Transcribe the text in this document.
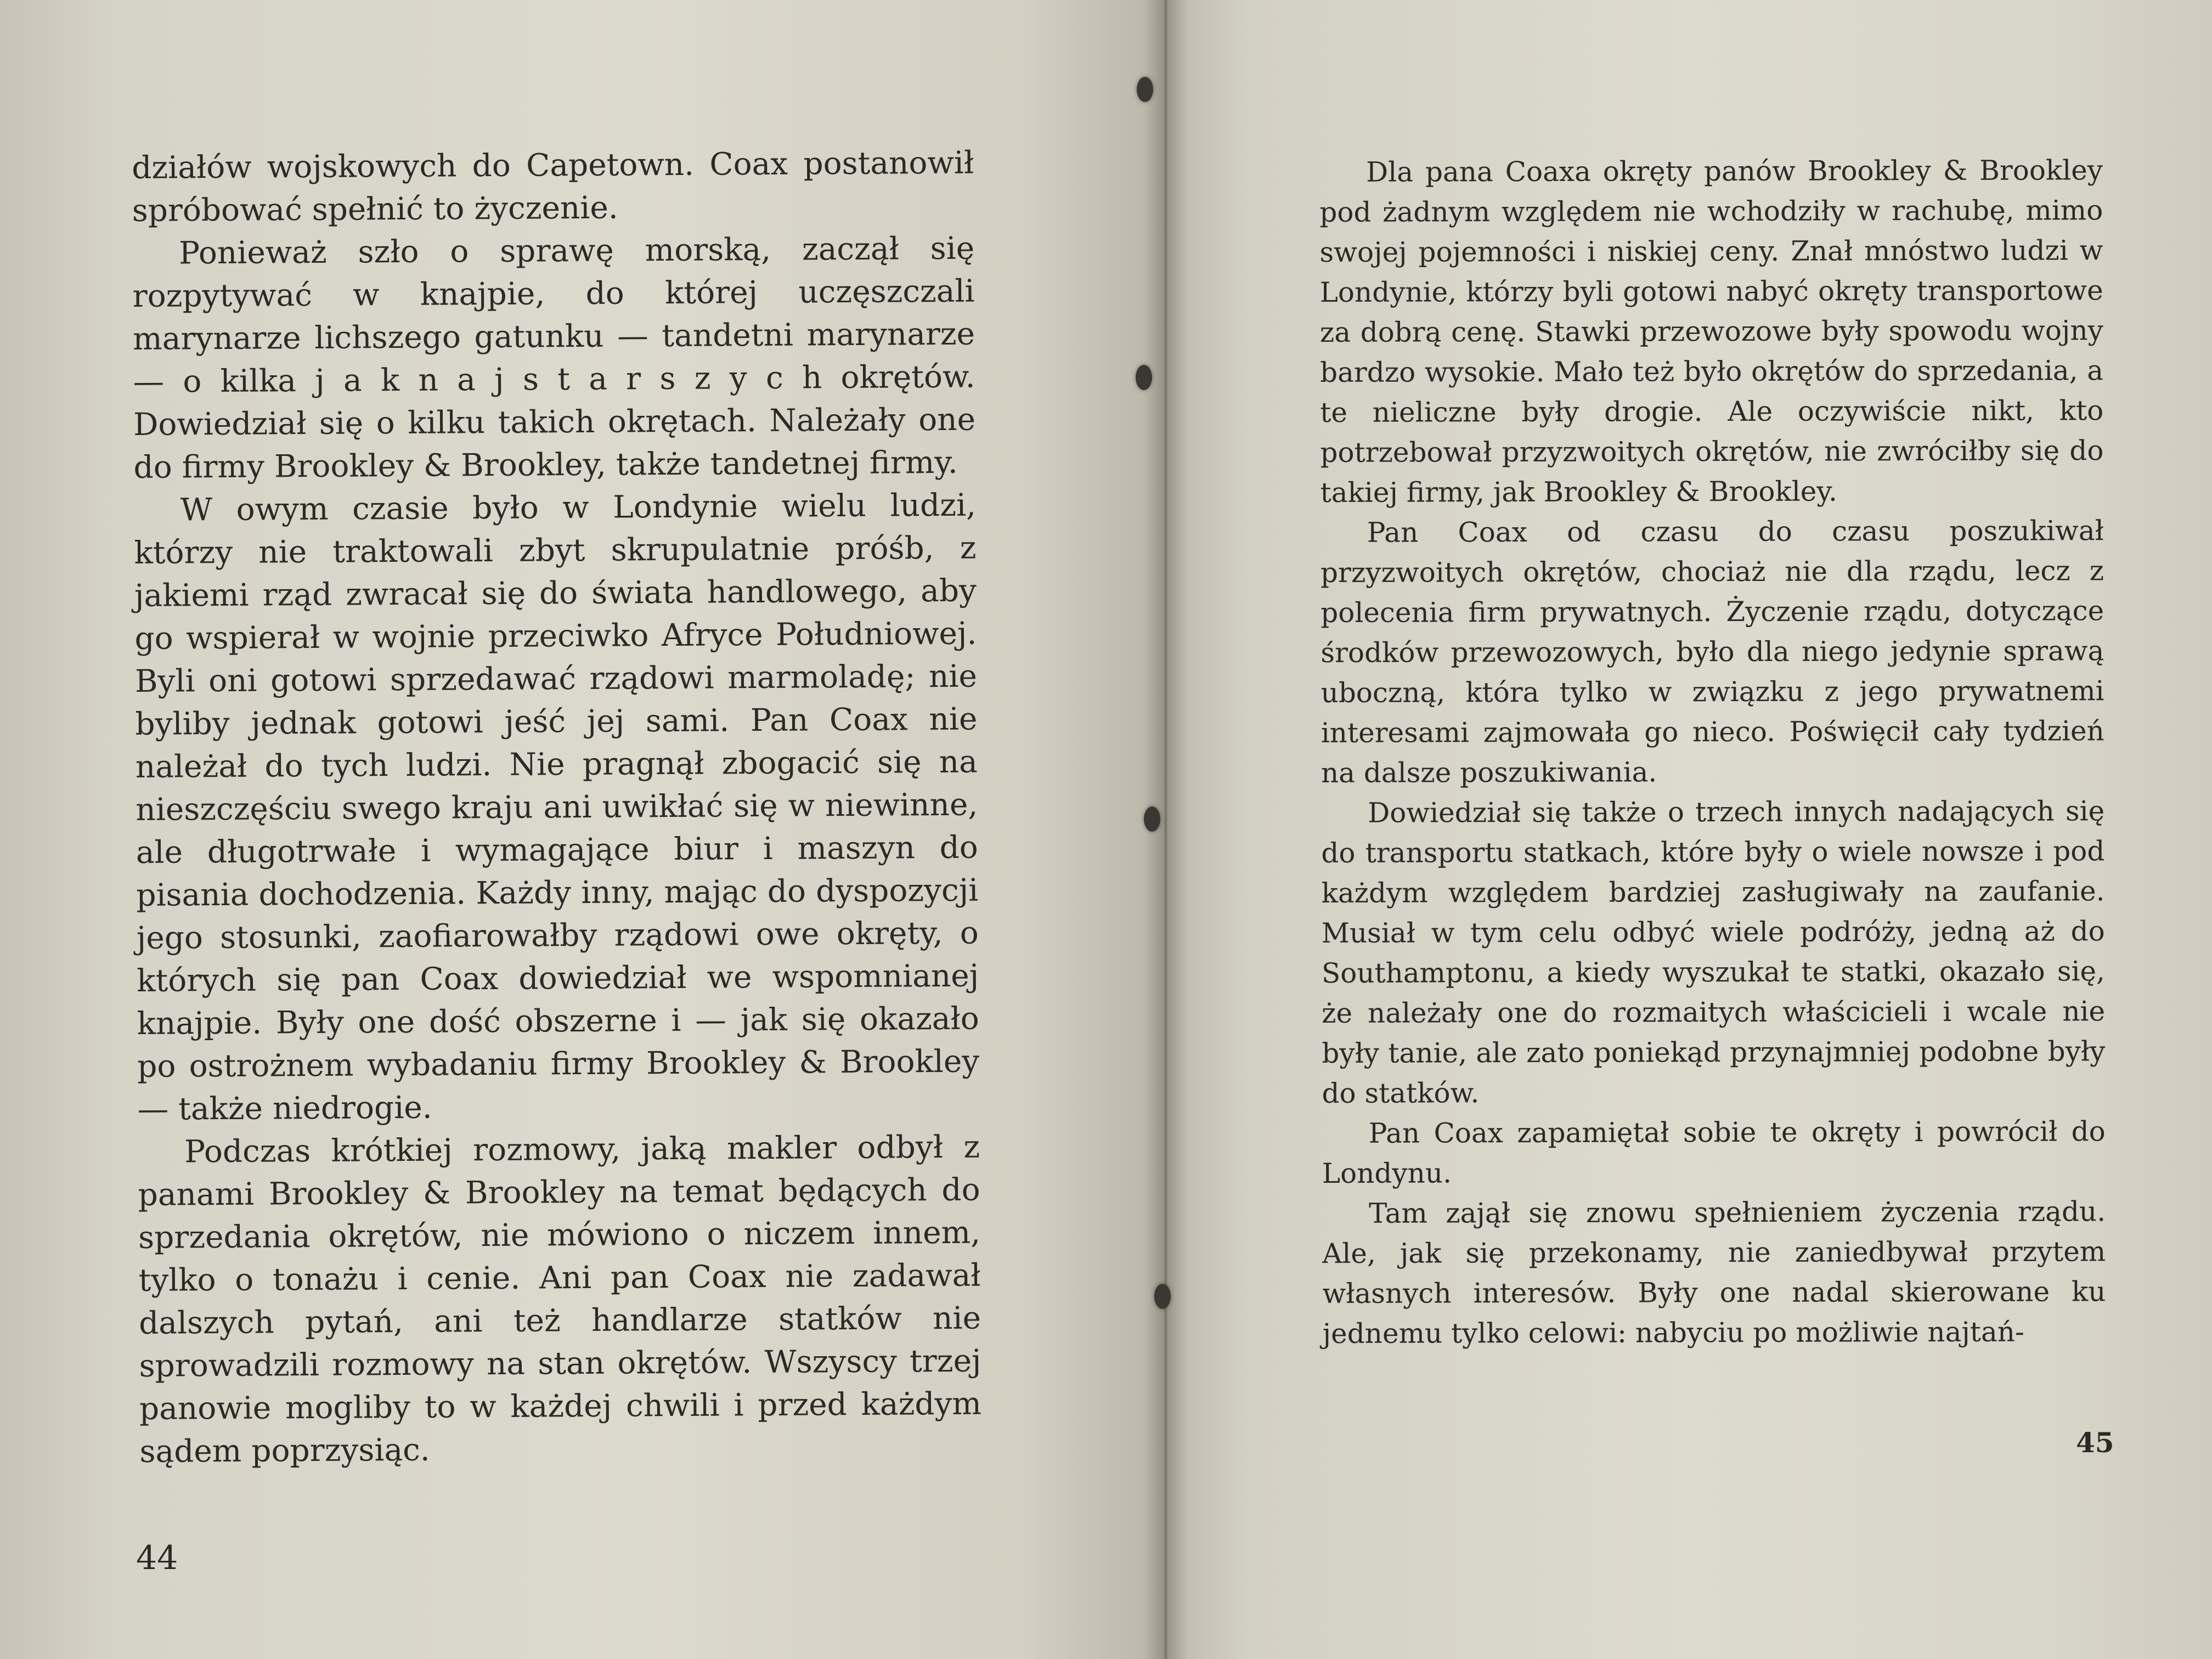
działów wojskowych do Capetown. Coax postanowił spróbować spełnić to życzenie.

Ponieważ szło o sprawę morską, zaczął się rozpytywać w knajpie, do której uczęszczali marynarze lichszego gatunku — tandetni marynarze — o kilka j a k n a j s t a r s z y c h okrętów. Dowiedział się o kilku takich okrętach. Należały one do firmy Brookley & Brookley, także tandetnej firmy.

W owym czasie było w Londynie wielu ludzi, którzy nie traktowali zbyt skrupulatnie próśb, z jakiemi rząd zwracał się do świata handlowego, aby go wspierał w wojnie przeciwko Afryce Południowej. Byli oni gotowi sprzedawać rządowi marmoladę; nie byliby jednak gotowi jeść jej sami. Pan Coax nie należał do tych ludzi. Nie pragnął zbogacić się na nieszczęściu swego kraju ani uwikłać się w niewinne, ale długotrwałe i wymagające biur i maszyn do pisania dochodzenia. Każdy inny, mając do dyspozycji jego stosunki, zaofiarowałby rządowi owe okręty, o których się pan Coax dowiedział we wspomnianej knajpie. Były one dość obszerne i — jak się okazało po ostrożnem wybadaniu firmy Brookley & Brookley — także niedrogie.

Podczas krótkiej rozmowy, jaką makler odbył z panami Brookley & Brookley na temat będących do sprzedania okrętów, nie mówiono o niczem innem, tylko o tonażu i cenie. Ani pan Coax nie zadawał dalszych pytań, ani też handlarze statków nie sprowadzili rozmowy na stan okrętów. Wszyscy trzej panowie mogliby to w każdej chwili i przed każdym sądem poprzysiąc.

44

Dla pana Coaxa okręty panów Brookley & Brookley pod żadnym względem nie wchodziły w rachubę, mimo swojej pojemności i niskiej ceny. Znał mnóstwo ludzi w Londynie, którzy byli gotowi nabyć okręty transportowe za dobrą cenę. Stawki przewozowe były spowodu wojny bardzo wysokie. Mało też było okrętów do sprzedania, a te nieliczne były drogie. Ale oczywiście nikt, kto potrzebował przyzwoitych okrętów, nie zwróciłby się do takiej firmy, jak Brookley & Brookley.

Pan Coax od czasu do czasu poszukiwał przyzwoitych okrętów, chociaż nie dla rządu, lecz z polecenia firm prywatnych. Życzenie rządu, dotyczące środków przewozowych, było dla niego jedynie sprawą uboczną, która tylko w związku z jego prywatnemi interesami zajmowała go nieco. Poświęcił cały tydzień na dalsze poszukiwania.

Dowiedział się także o trzech innych nadających się do transportu statkach, które były o wiele nowsze i pod każdym względem bardziej zasługiwały na zaufanie. Musiał w tym celu odbyć wiele podróży, jedną aż do Southamptonu, a kiedy wyszukał te statki, okazało się, że należały one do rozmaitych właścicieli i wcale nie były tanie, ale zato poniekąd przynajmniej podobne były do statków.

Pan Coax zapamiętał sobie te okręty i powrócił do Londynu.

Tam zajął się znowu spełnieniem życzenia rządu. Ale, jak się przekonamy, nie zaniedbywał przytem własnych interesów. Były one nadal skierowane ku jednemu tylko celowi: nabyciu po możliwie najtań-

45
